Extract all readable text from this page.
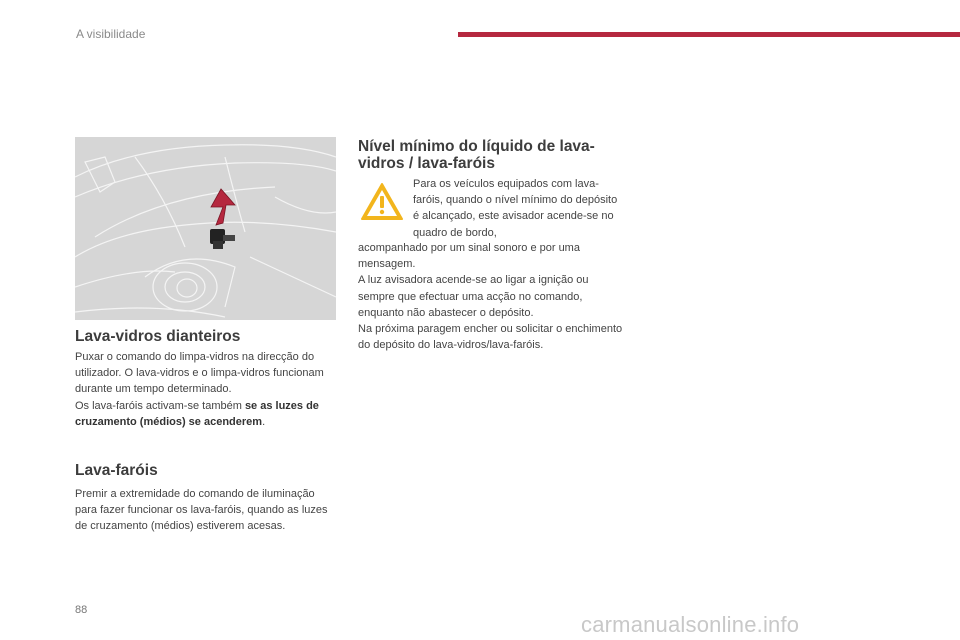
A visibilidade
Lava-vidros dianteiros

Puxar o comando do limpa-vidros na direcção do utilizador. O lava-vidros e o limpa-vidros funcionam durante um tempo determinado.

Os lava-faróis activam-se também se as luzes de cruzamento (médios) se acenderem.

Lava-faróis
Premir a extremidade do comando de iluminação para fazer funcionar os lava-faróis, quando as luzes de cruzamento (médios) estiverem acesas.
Nível mínimo do líquido de lava-vidros / lava-faróis
Para os veículos equipados com lava-faróis, quando o nível mínimo do depósito é alcançado, este avisador acende-se no quadro de bordo,

acompanhado por um sinal sonoro e por uma mensagem.

A luz avisadora acende-se ao ligar a ignição ou sempre que efectuar uma acção no comando, enquanto não abastecer o depósito.

Na próxima paragem encher ou solicitar o enchimento do depósito do lava-vidros/lava-faróis.

88
carmanualsonline.info
